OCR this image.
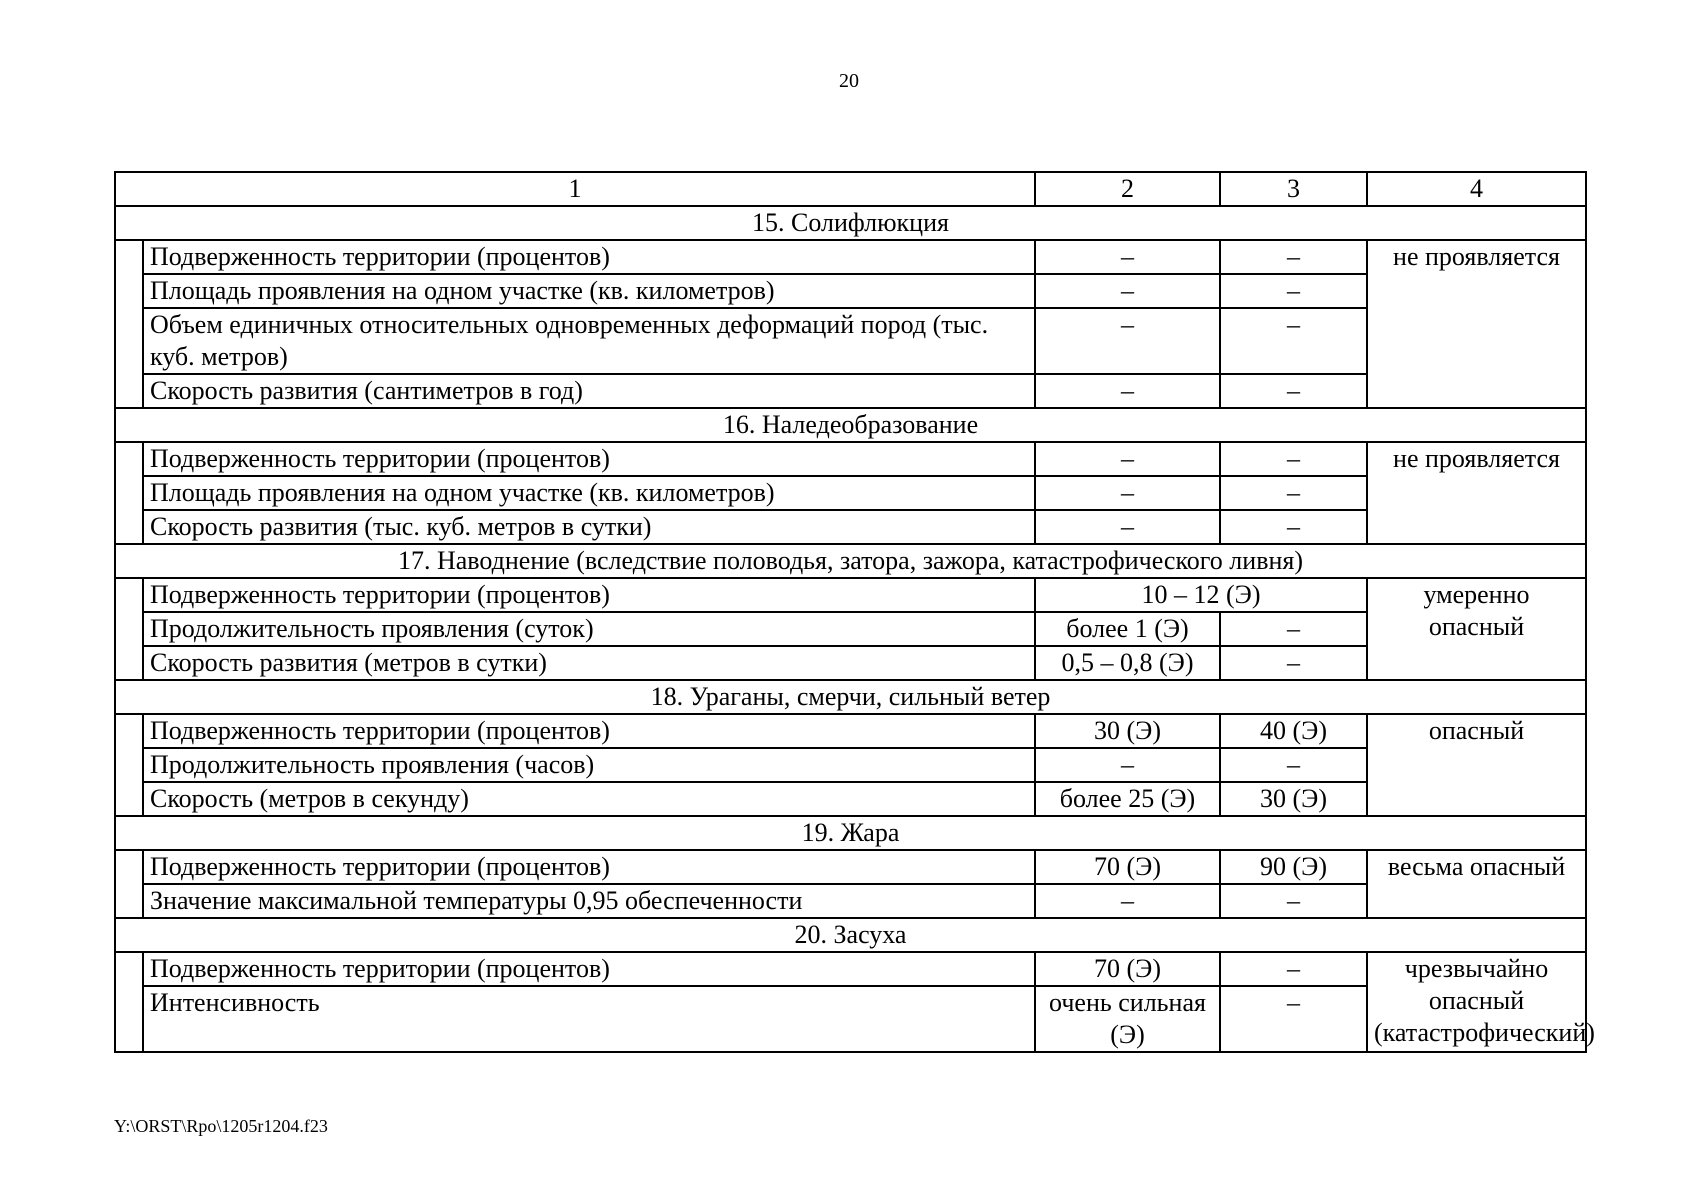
20
1		2	3	4
15. Солифлюкция				
	Подверженность территории (процентов)	–	–	не проявляется
	Площадь проявления на одном участке (кв. километров)	–	–	
	Объем единичных относительных одновременных деформаций пород (тыс. куб. метров)	–	–	
	Скорость развития (сантиметров в год)	–	–	
16. Наледеобразование				
	Подверженность территории (процентов)	–	–	не проявляется
	Площадь проявления на одном участке (кв. километров)	–	–	
	Скорость развития (тыс. куб. метров в сутки)	–	–	
17. Наводнение (вследствие половодья, затора, зажора, катастрофического ливня)				
	Подверженность территории (процентов)	10 – 12 (Э)		умеренно опасный
	Продолжительность проявления (суток)	более 1 (Э)	–	
	Скорость развития (метров в сутки)	0,5 – 0,8 (Э)	–	
18. Ураганы, смерчи, сильный ветер				
	Подверженность территории (процентов)	30 (Э)	40 (Э)	опасный
	Продолжительность проявления (часов)	–	–	
	Скорость (метров в секунду)	более 25 (Э)	30 (Э)	
19. Жара				
	Подверженность территории (процентов)	70 (Э)	90 (Э)	весьма опасный
	Значение максимальной температуры 0,95 обеспеченности	–	–	
20. Засуха				
	Подверженность территории (процентов)	70 (Э)	–	чрезвычайно опасный (катастрофический)
	Интенсивность	очень сильная (Э)	–	
Y:\ORST\Rpo\1205r1204.f23
